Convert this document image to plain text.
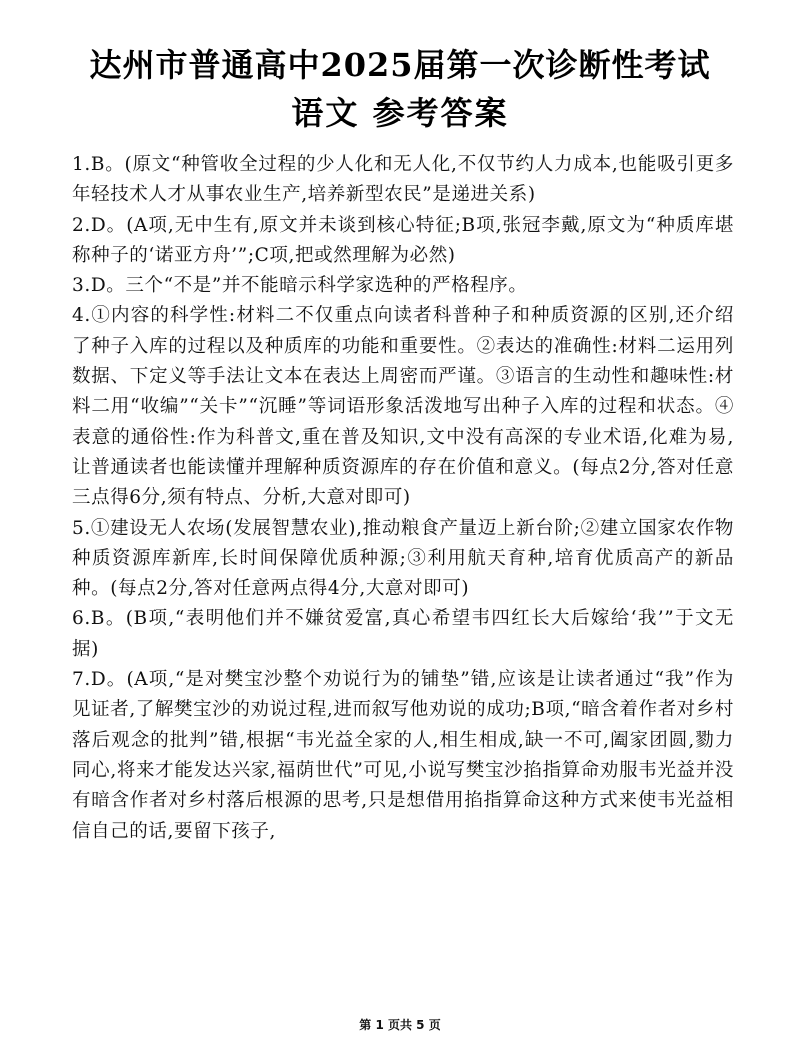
达州市普通高中2025届第一次诊断性考试
语文 参考答案

1.B。(原文“种管收全过程的少人化和无人化,不仅节约人力成本,也能吸引更多年轻技术人才从事农业生产,培养新型农民”是递进关系)

2.D。(A项,无中生有,原文并未谈到核心特征;B项,张冠李戴,原文为“种质库堪称种子的‘诺亚方舟’”;C项,把或然理解为必然)

3.D。三个“不是”并不能暗示科学家选种的严格程序。

4.①内容的科学性:材料二不仅重点向读者科普种子和种质资源的区别,还介绍了种子入库的过程以及种质库的功能和重要性。②表达的准确性:材料二运用列数据、下定义等手法让文本在表达上周密而严谨。③语言的生动性和趣味性:材料二用“收编”“关卡”“沉睡”等词语形象活泼地写出种子入库的过程和状态。④表意的通俗性:作为科普文,重在普及知识,文中没有高深的专业术语,化难为易,让普通读者也能读懂并理解种质资源库的存在价值和意义。(每点2分,答对任意三点得6分,须有特点、分析,大意对即可)

5.①建设无人农场(发展智慧农业),推动粮食产量迈上新台阶;②建立国家农作物种质资源库新库,长时间保障优质种源;③利用航天育种,培育优质高产的新品种。(每点2分,答对任意两点得4分,大意对即可)

6.B。(B项,“表明他们并不嫌贫爱富,真心希望韦四红长大后嫁给‘我’”于文无据)

7.D。(A项,“是对樊宝沙整个劝说行为的铺垫”错,应该是让读者通过“我”作为见证者,了解樊宝沙的劝说过程,进而叙写他劝说的成功;B项,“暗含着作者对乡村落后观念的批判”错,根据“韦光益全家的人,相生相成,缺一不可,阖家团圆,勠力同心,将来才能发达兴家,福荫世代”可见,小说写樊宝沙掐指算命劝服韦光益并没有暗含作者对乡村落后根源的思考,只是想借用掐指算命这种方式来使韦光益相信自己的话,要留下孩子,

第 1 页共 5 页
